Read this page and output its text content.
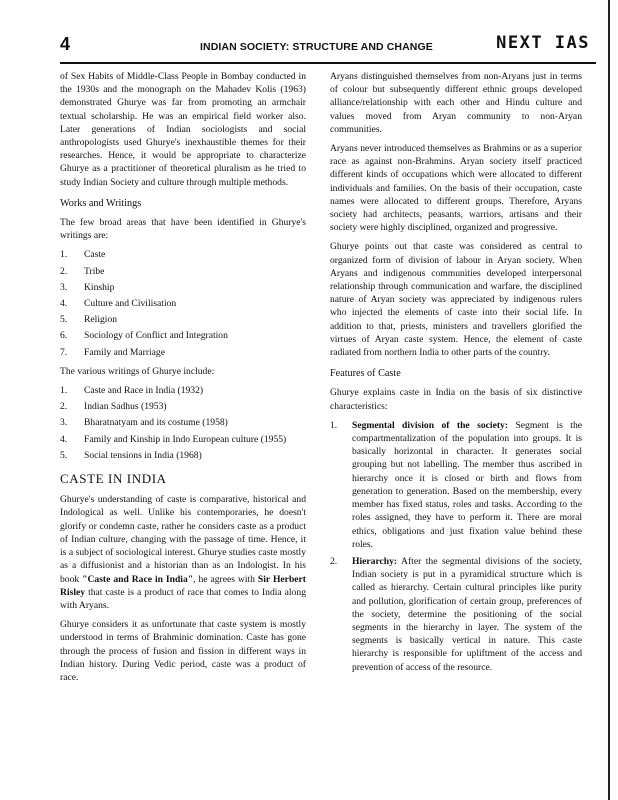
4	INDIAN SOCIETY: STRUCTURE AND CHANGE	NEXT IAS

of Sex Habits of Middle-Class People in Bombay conducted in the 1930s and the monograph on the Mahadev Kolis (1963) demonstrated Ghurye was far from promoting an armchair textual scholarship. He was an empirical field worker also. Later generations of Indian sociologists and social anthropologists used Ghurye's inexhaustible themes for their researches. Hence, it would be appropriate to characterize Ghurye as a practitioner of theoretical pluralism as he tried to study Indian Society and culture through multiple methods.

Works and Writings

The few broad areas that have been identified in Ghurye's writings are:

1.	Caste
2.	Tribe
3.	Kinship
4.	Culture and Civilisation
5.	Religion
6.	Sociology of Conflict and Integration
7.	Family and Marriage

The various writings of Ghurye include:

1.	Caste and Race in India (1932)
2.	Indian Sadhus (1953)
3.	Bharatnatyam and its costume (1958)
4.	Family and Kinship in Indo European culture (1955)
5.	Social tensions in India (1968)
CASTE IN INDIA

Ghurye's understanding of caste is comparative, historical and Indological as well. Unlike his contemporaries, he doesn't glorify or condemn caste, rather he considers caste as a product of Indian culture, changing with the passage of time. Hence, it is a subject of sociological interest. Ghurye studies caste mostly as a diffusionist and a historian than as an Indologist. In his book "Caste and Race in India", he agrees with Sir Herbert Risley that caste is a product of race that comes to India along with Aryans.

Ghurye considers it as unfortunate that caste system is mostly understood in terms of Brahminic domination. Caste has gone through the process of fusion and fission in different ways in Indian history. During Vedic period, caste was a product of race.

Aryans distinguished themselves from non-Aryans just in terms of colour but subsequently different ethnic groups developed alliance/relationship with each other and Hindu culture and values moved from Aryan community to non-Aryan communities.

Aryans never introduced themselves as Brahmins or as a superior race as against non-Brahmins. Aryan society itself practiced different kinds of occupations which were allocated to different individuals and families. On the basis of their occupation, caste names were allocated to different groups. Therefore, Aryans society had architects, peasants, warriors, artisans and their society were highly disciplined, organized and progressive.

Ghurye points out that caste was considered as central to organized form of division of labour in Aryan society. When Aryans and indigenous communities developed interpersonal relationship through communication and warfare, the disciplined nature of Aryan society was appreciated by indigenous rulers who injected the elements of caste into their social life. In addition to that, priests, ministers and travellers glorified the virtues of Aryan caste system. Hence, the element of caste radiated from northern India to other parts of the country.

Features of Caste

Ghurye explains caste in India on the basis of six distinctive characteristics:

1.	Segmental division of the society: Segment is the compartmentalization of the population into groups. It is basically horizontal in character. It generates social grouping but not labelling. The member thus ascribed in hierarchy once it is closed or birth and flows from generation to generation. Based on the membership, every member has fixed status, roles and tasks. According to the roles assigned, they have to perform it. There are moral ethics, obligations and just fixation value behind these roles.
2.	Hierarchy: After the segmental divisions of the society, Indian society is put in a pyramidical structure which is called as hierarchy. Certain cultural principles like purity and pollution, glorification of certain group, preferences of the society, determine the positioning of the social segments in the hierarchy in layer. The system of the segments is basically vertical in nature. This caste hierarchy is responsible for upliftment of the access and prevention of access of the resource.
